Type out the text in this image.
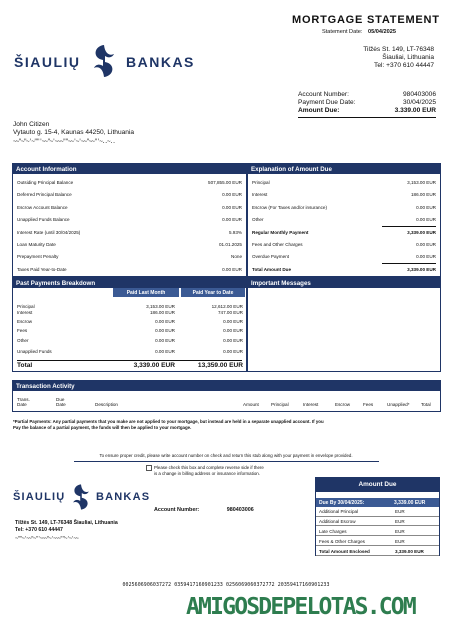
MORTGAGE STATEMENT
Statement Date: 05/04/2025
Tilžės St. 149, LT-76348
Šiauliai, Lithuania
Tel: +370 610 44447
ŠIAULIŲ	BANKAS
Account Number:	980403006
Payment Due Date:	30/04/2025
Amount Due:	3.339.00 EUR
John Citizen
Vytauto g. 15-4, Kaunas 44250, Lithuania
~~"~"~'~""'~~"~'~~~""~~'~'~~"~~"'~..~..
Account Information
Outsiding Principal Balance	507,855.00 EUR
Deferred Principal Balance	0.00 EUR
Escrow Account Balance	0.00 EUR
Unapplied Funds Balance	0.00 EUR
Interest Rate (until 30/04/2025)	5.93%
Loan Maturity Date	01.01.2025
Prepayment Penalty	None
Taxes Paid Year-to-Date	0.00 EUR
Explanation of Amount Due
Principal	3,153.00 EUR
Interest	186.00 EUR
Escrow (For Taxes and/or insurance)	0.00 EUR
Other	0.00 EUR
Regular Monthly Payment	3,339.00 EUR
Fees and Other Charges	0.00 EUR
Overdue Payment	0.00 EUR
Total Amount Due	3,339.00 EUR
Past Payments Breakdown
Paid Last Month	Paid Year to Date
Principal	3,153.00 EUR	12,612.00 EUR
Interest	186.00 EUR	747.00 EUR
Escrow	0.00 EUR	0.00 EUR
Fees	0.00 EUR	0.00 EUR
Other	0.00 EUR	0.00 EUR
Unapplied Funds	0.00 EUR	0.00 EUR
Total	3,339.00 EUR	13,359.00 EUR
Important Messages
Transaction Activity
Trans.
Date
Due
Date	Description	Amount	Principal	Interest	Escrow	Fees	Unapplied*	Total
*Partial Payments: Any partial payments that you make are not applied to your mortgage, but instead are held in a separate unapplied account. If you
Pay the balance of a partial payment, the funds will then be applied to your mortgage.
To ensure proper credit, please write account number on check and return this stub along with your payment in envelope provided.
Please check this box and complete reverse side if there
is a change in billing address or insurance information.
ŠIAULIŲ	BANKAS
Tilžės St. 149, LT-76348 Šiauliai, Lithuania
Tel: +370 610 44447
~""~'~~"~"'~~~"~'~~~""~'~'~~
Account Number:	980403006
Amount Due
Due By 30/04/2025:	3,339.00 EUR
Additional Principal	EUR
Additional Escrow	EUR
Late Charges	EUR
Fees & Other Charges	EUR
Total Amount Enclosed	3,339.00 EUR
0025606906037272 0359417160901233 0256069060372772 20359417160901233
AMIGOSDEPELOTAS.COM
